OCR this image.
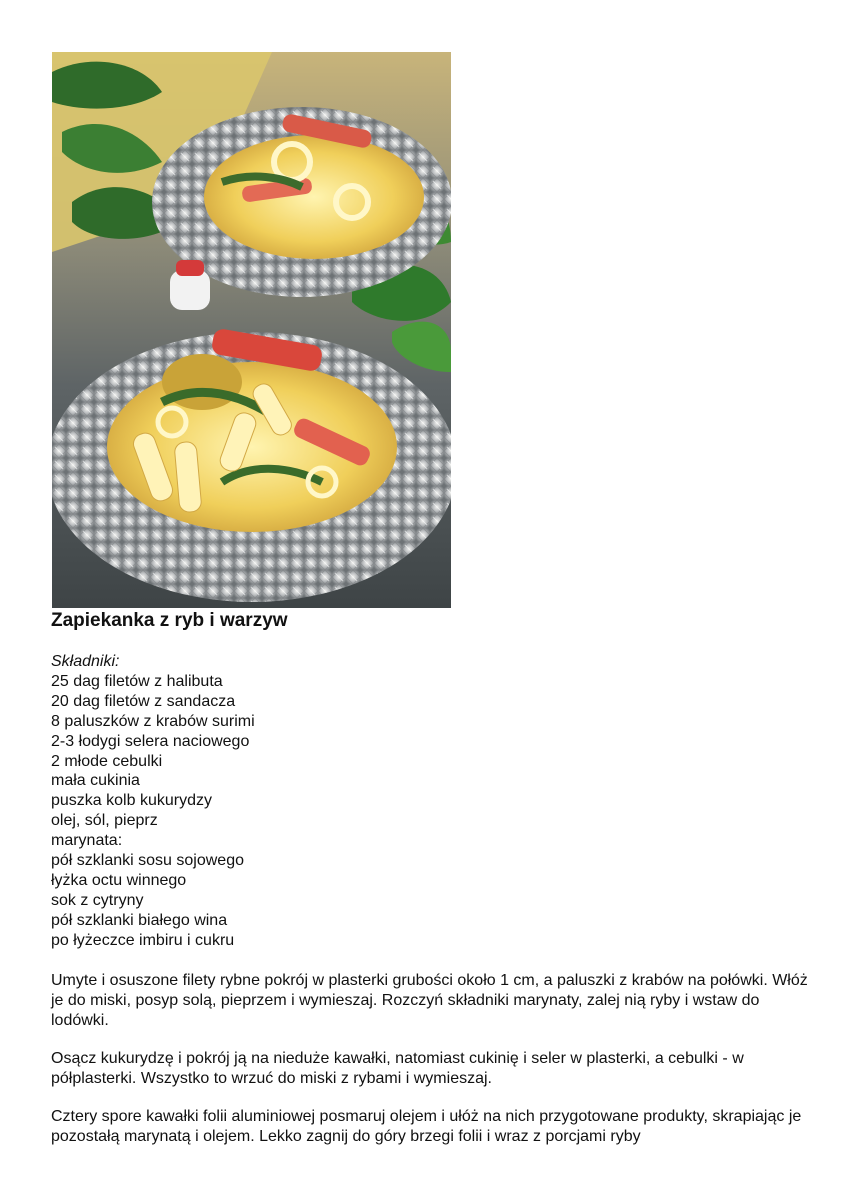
Zapiekanka z ryb i warzyw
Składniki:
25 dag filetów z halibuta
20 dag filetów z sandacza
8 paluszków z krabów surimi
2-3 łodygi selera naciowego
2 młode cebulki
mała cukinia
puszka kolb kukurydzy
olej, sól, pieprz
marynata:
pół szklanki sosu sojowego
łyżka octu winnego
sok z cytryny
pół szklanki białego wina
po łyżeczce imbiru i cukru

Umyte i osuszone filety rybne pokrój w plasterki grubości około 1 cm, a paluszki z krabów na połówki. Włóż je do miski, posyp solą, pieprzem i wymieszaj. Rozczyń składniki marynaty, zalej nią ryby i wstaw do lodówki.

Osącz kukurydzę i pokrój ją na nieduże kawałki, natomiast cukinię i seler w plasterki, a cebulki - w półplasterki. Wszystko to wrzuć do miski z rybami i wymieszaj.

Cztery spore kawałki folii aluminiowej posmaruj olejem i ułóż na nich przygotowane produkty, skrapiając je pozostałą marynatą i olejem. Lekko zagnij do góry brzegi folii i wraz z porcjami ryby
